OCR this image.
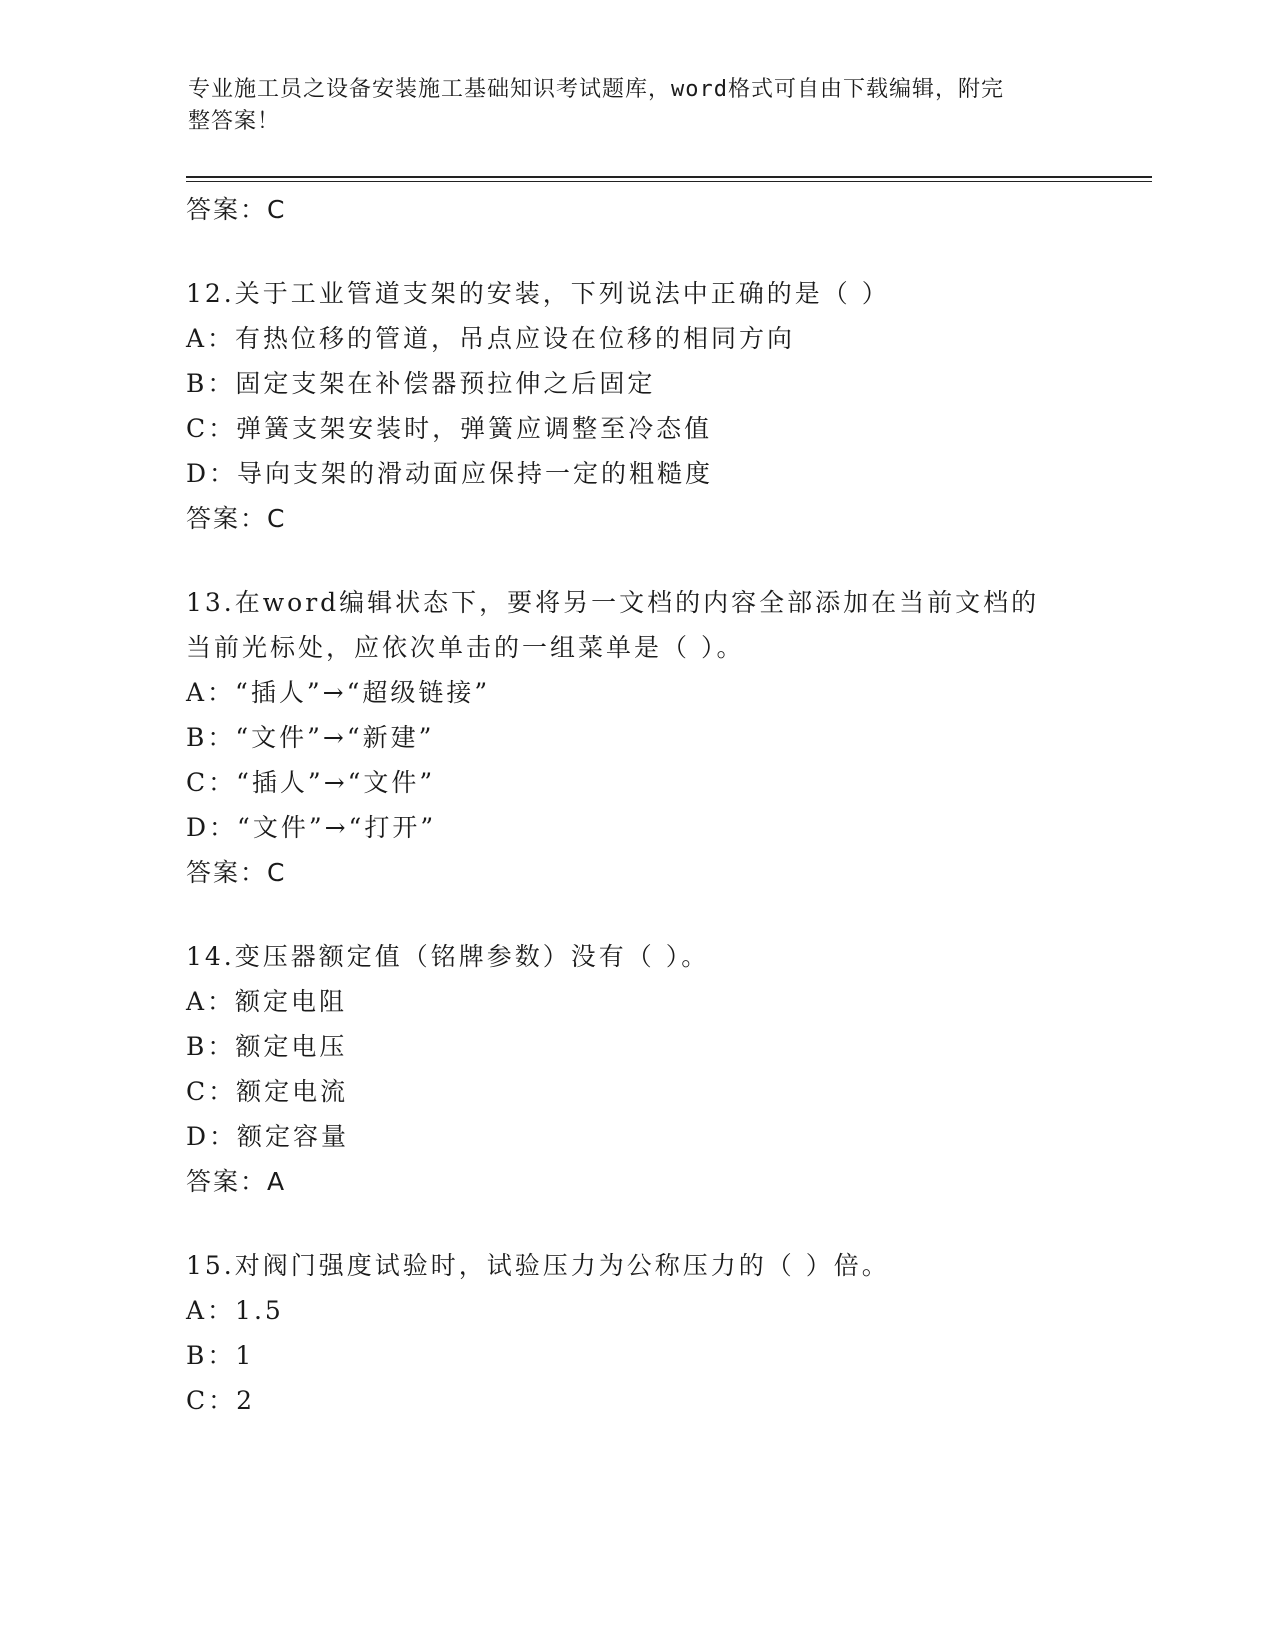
专业施工员之设备安装施工基础知识考试题库，word格式可自由下载编辑，附完
整答案！
答案：C
12.关于工业管道支架的安装，下列说法中正确的是（ ）
A：有热位移的管道，吊点应设在位移的相同方向
B：固定支架在补偿器预拉伸之后固定
C：弹簧支架安装时，弹簧应调整至冷态值
D：导向支架的滑动面应保持一定的粗糙度
答案：C
13.在word编辑状态下，要将另一文档的内容全部添加在当前文档的
当前光标处，应依次单击的一组菜单是（ ）。
A：“插人”→“超级链接”
B：“文件”→“新建”
C：“插人”→“文件”
D：“文件”→“打开”
答案：C
14.变压器额定值（铭牌参数）没有（ ）。
A：额定电阻
B：额定电压
C：额定电流
D：额定容量
答案：A
15.对阀门强度试验时，试验压力为公称压力的（ ）倍。
A：1.5
B：1
C：2
